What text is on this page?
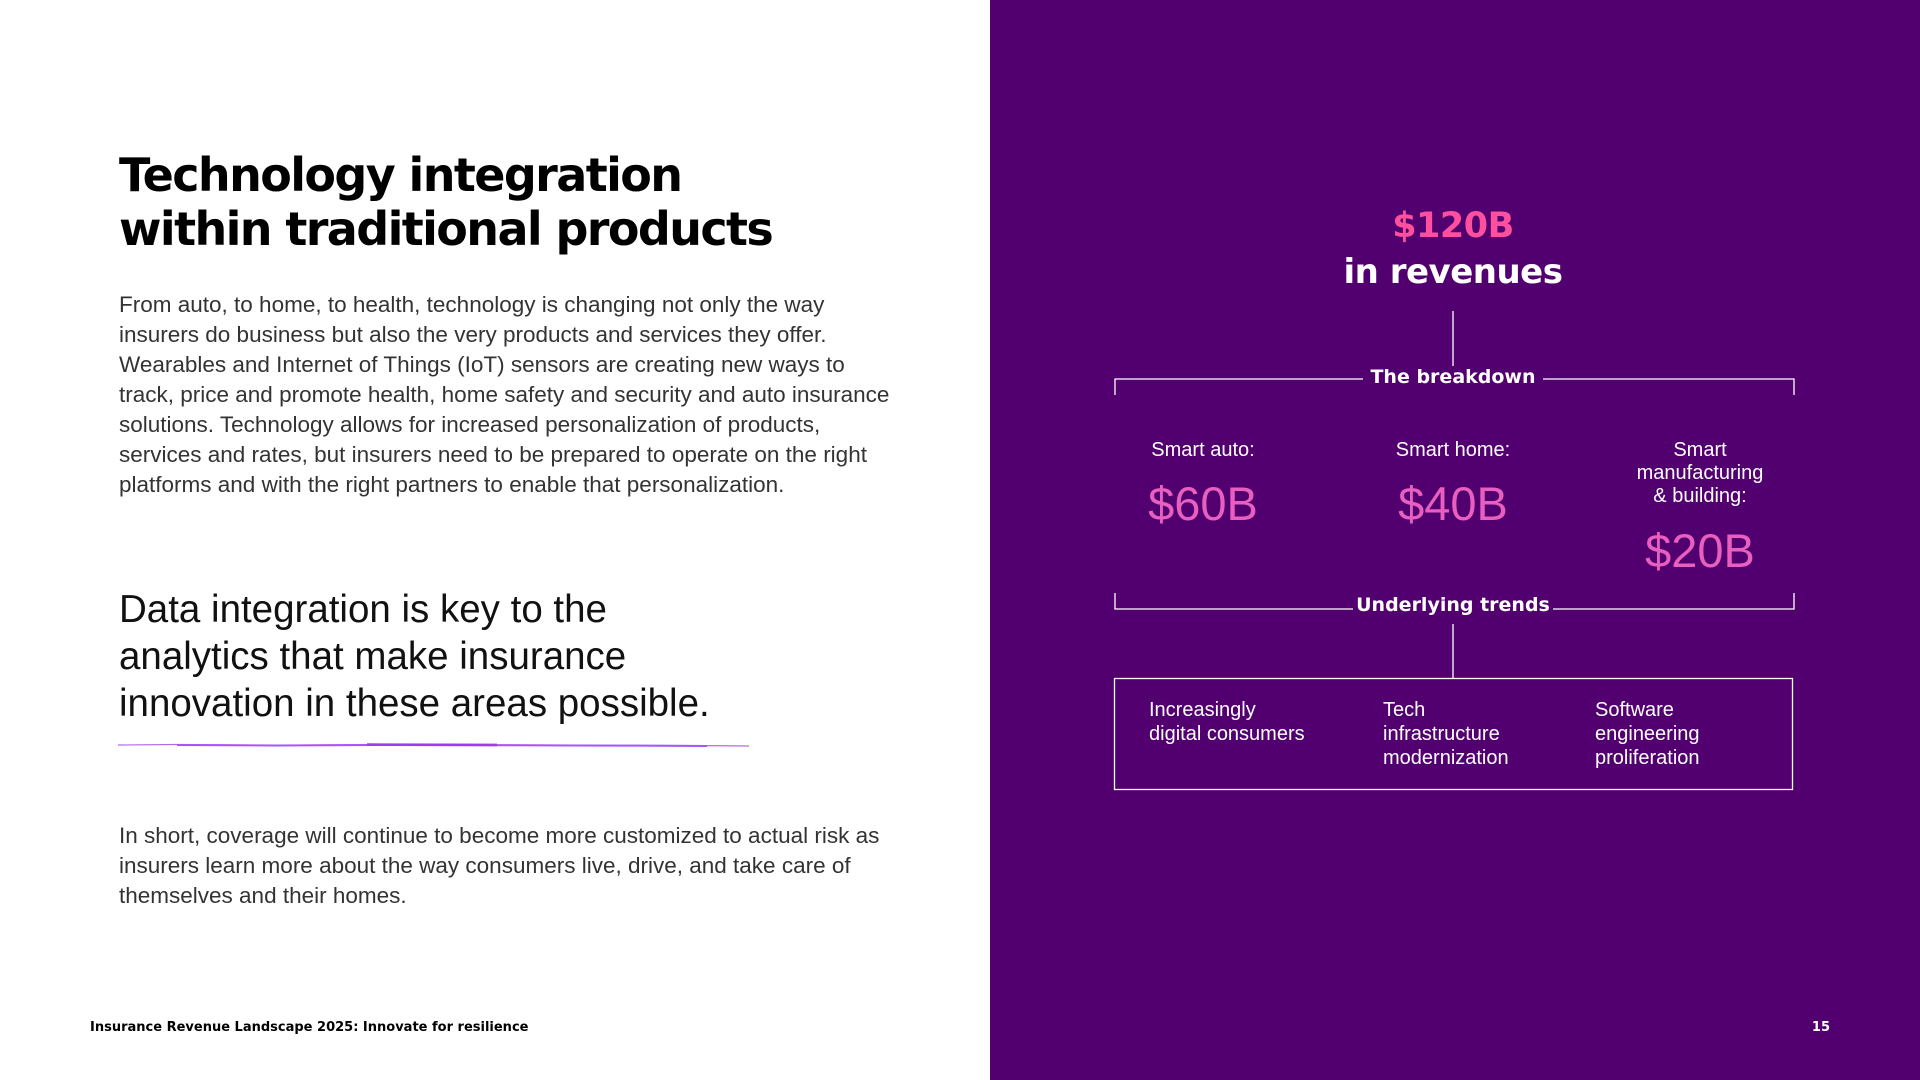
Technology integration
within traditional products

From auto, to home, to health, technology is changing not only the way insurers do business but also the very products and services they offer. Wearables and Internet of Things (IoT) sensors are creating new ways to track, price and promote health, home safety and security and auto insurance solutions. Technology allows for increased personalization of products, services and rates, but insurers need to be prepared to operate on the right platforms and with the right partners to enable that personalization.

Data integration is key to the
analytics that make insurance
innovation in these areas possible.

In short, coverage will continue to become more customized to actual risk as insurers learn more about the way consumers live, drive, and take care of themselves and their homes.

Insurance Revenue Landscape 2025: Innovate for resilience
$120B
in revenues
The breakdown
Smart auto:
$60B
Smart home:
$40B
Smart
manufacturing
& building:
$20B
Underlying trends
Increasingly
digital consumers
Tech
infrastructure
modernization
Software
engineering
proliferation
15
